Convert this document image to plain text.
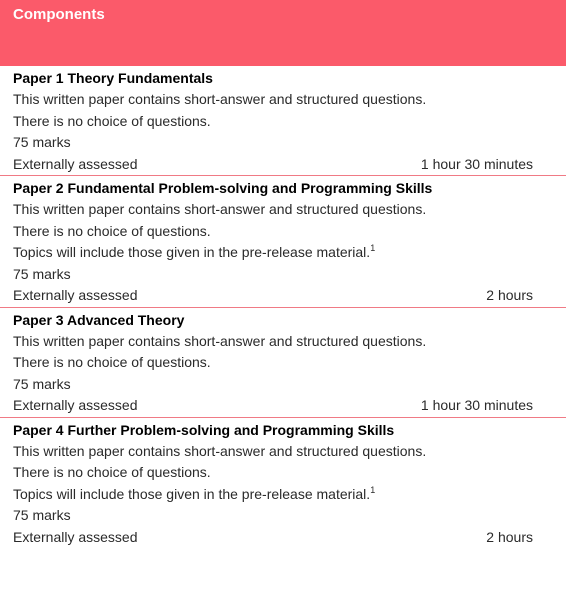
Components
Paper 1 Theory Fundamentals
This written paper contains short-answer and structured questions.
There is no choice of questions.
75 marks
Externally assessed	1 hour 30 minutes
Paper 2 Fundamental Problem-solving and Programming Skills
This written paper contains short-answer and structured questions.
There is no choice of questions.
Topics will include those given in the pre-release material.$^1$
75 marks
Externally assessed	2 hours
Paper 3 Advanced Theory
This written paper contains short-answer and structured questions.
There is no choice of questions.
75 marks
Externally assessed	1 hour 30 minutes
Paper 4 Further Problem-solving and Programming Skills
This written paper contains short-answer and structured questions.
There is no choice of questions.
Topics will include those given in the pre-release material.$^1$
75 marks
Externally assessed	2 hours
